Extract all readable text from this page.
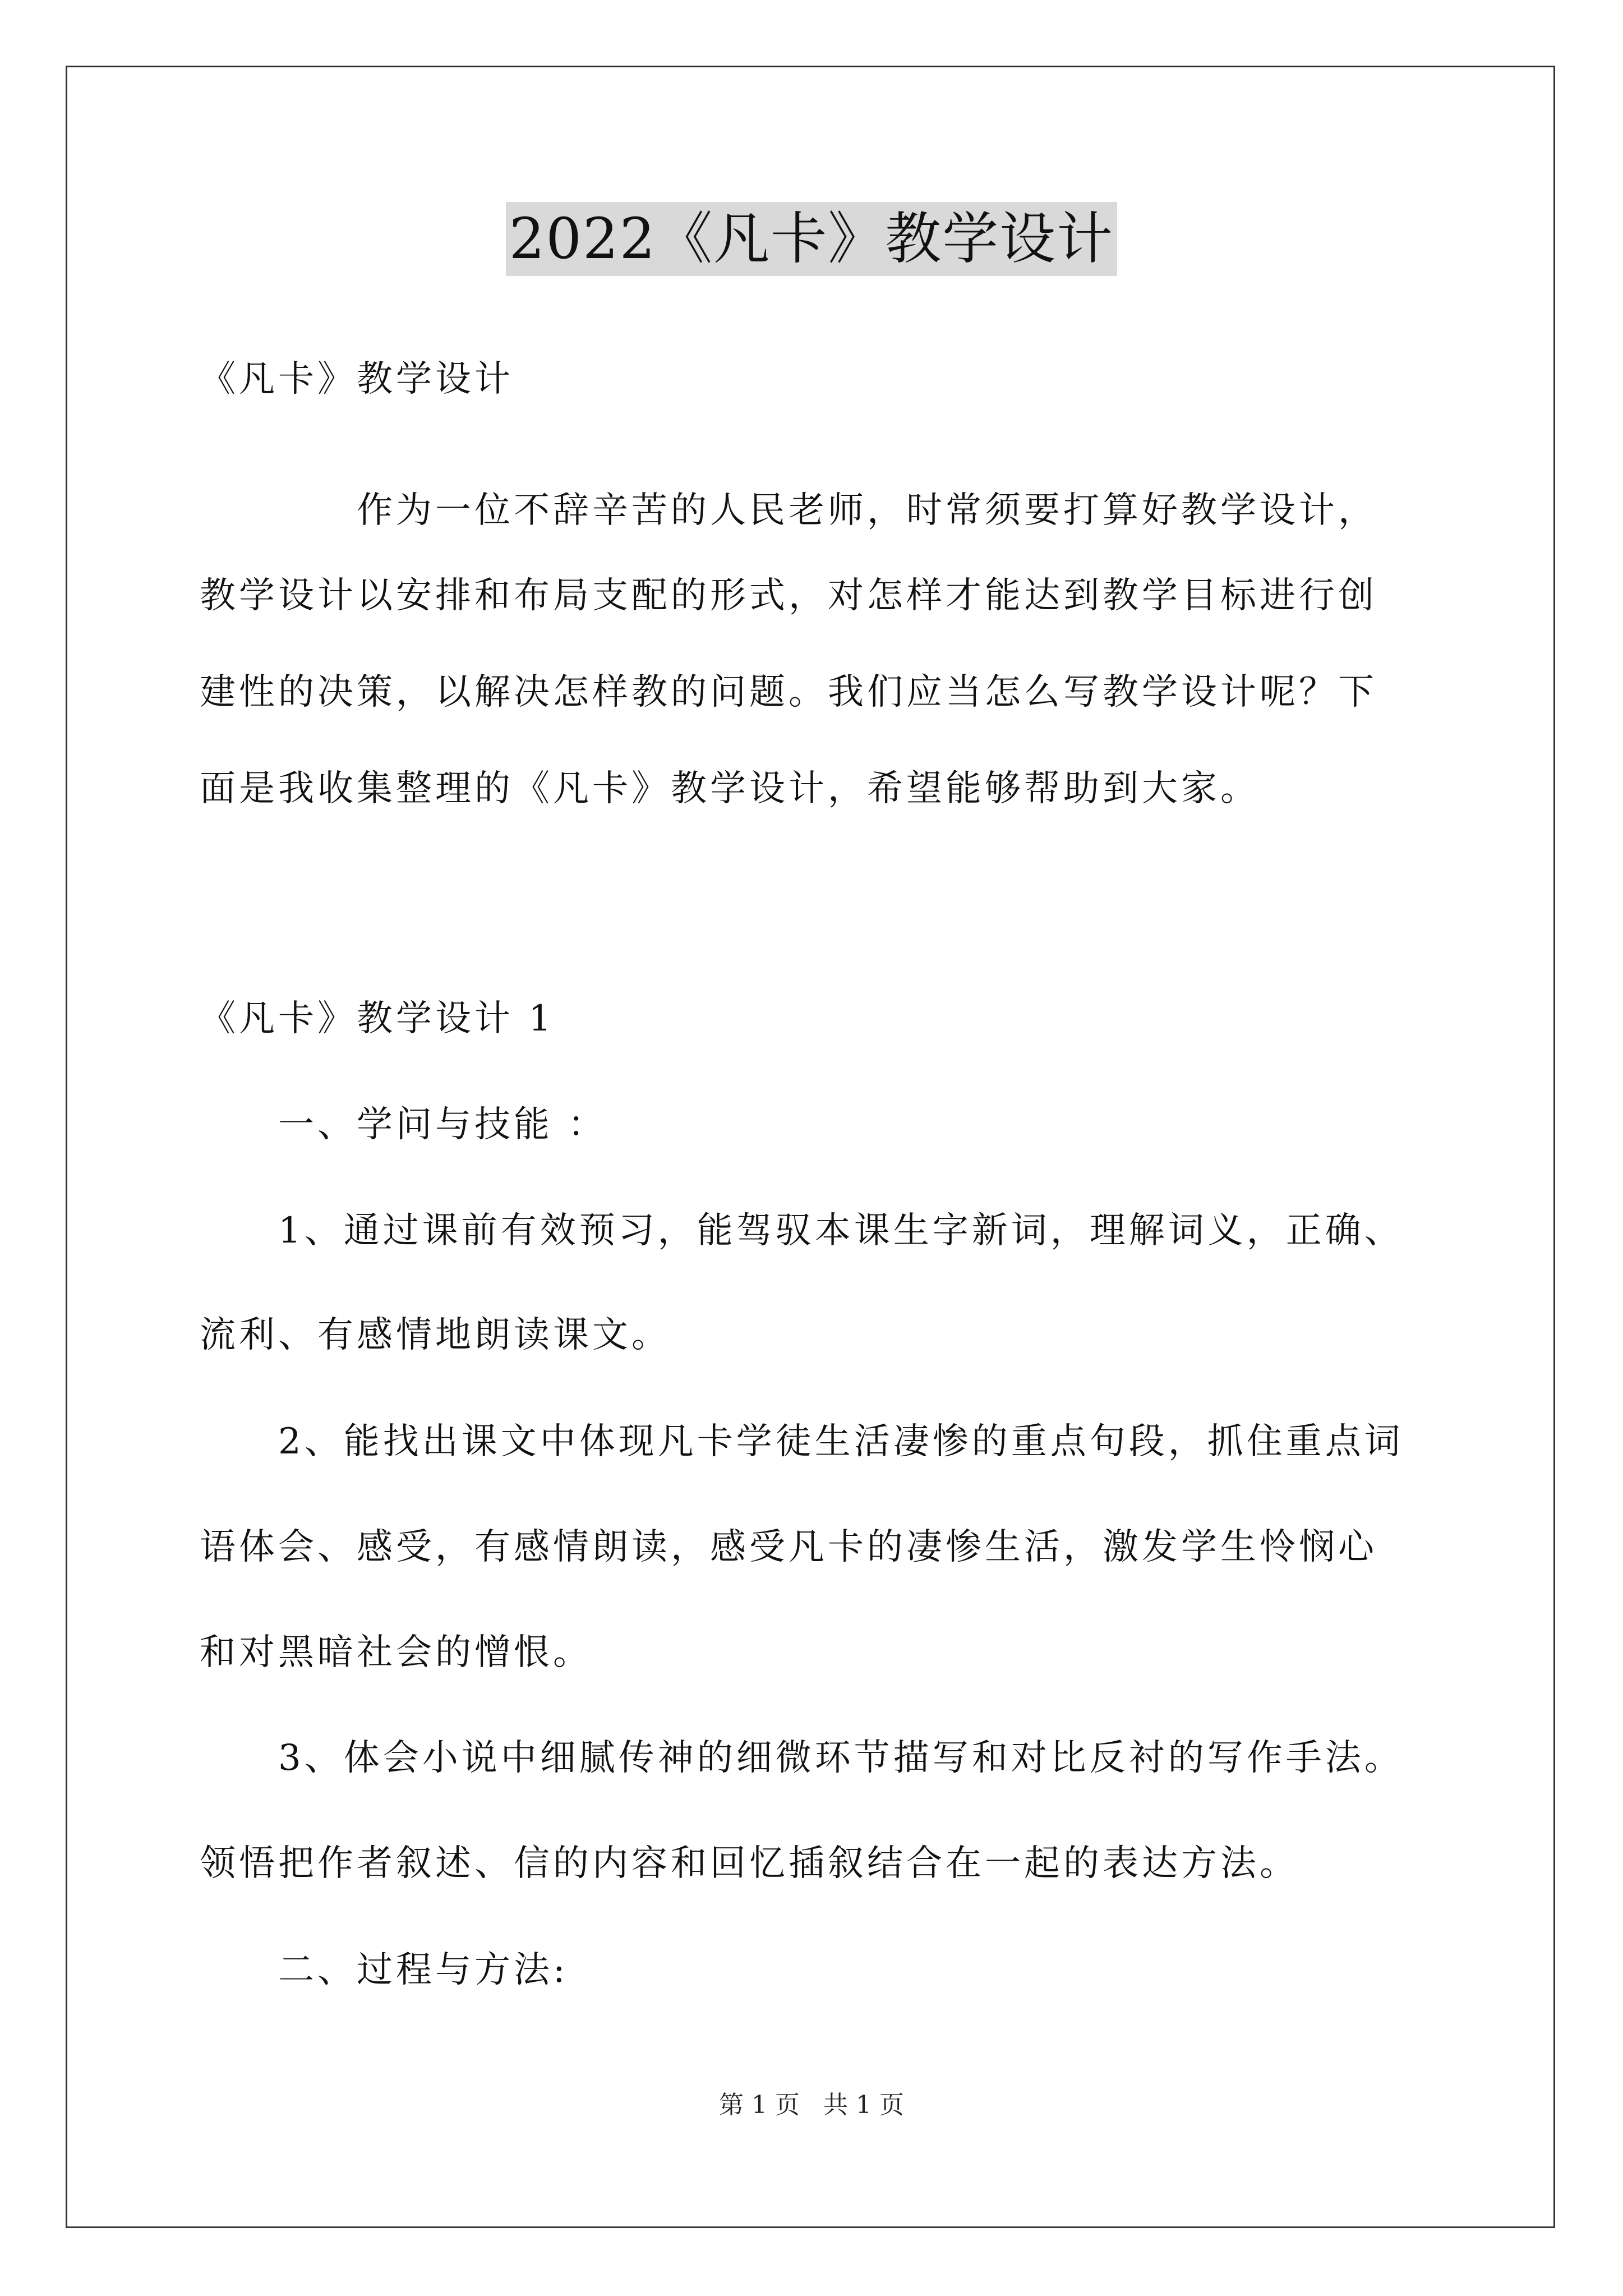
2022《凡卡》教学设计
《凡卡》教学设计
　　　　作为一位不辞辛苦的人民老师，时常须要打算好教学设计，
教学设计以安排和布局支配的形式，对怎样才能达到教学目标进行创
建性的决策，以解决怎样教的问题。我们应当怎么写教学设计呢？下
面是我收集整理的《凡卡》教学设计，希望能够帮助到大家。
《凡卡》教学设计 1
　　一、学问与技能 ：
　　1、通过课前有效预习，能驾驭本课生字新词，理解词义，正确、
流利、有感情地朗读课文。
　　2、能找出课文中体现凡卡学徒生活凄惨的重点句段，抓住重点词
语体会、感受，有感情朗读，感受凡卡的凄惨生活，激发学生怜悯心
和对黑暗社会的憎恨。
　　3、体会小说中细腻传神的细微环节描写和对比反衬的写作手法。
领悟把作者叙述、信的内容和回忆插叙结合在一起的表达方法。
　　二、过程与方法:
第 1 页   共 1 页
